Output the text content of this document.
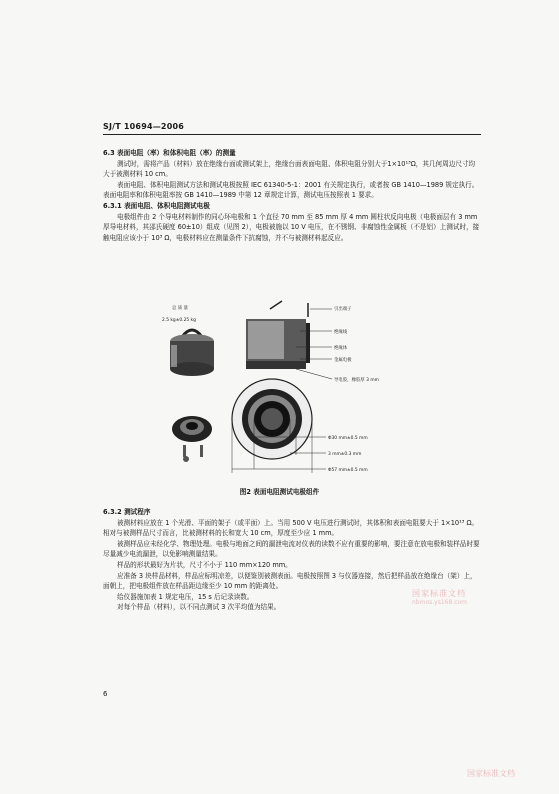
SJ/T 10694—2006

6.3 表面电阻（率）和体积电阻（率）的测量

测试时，需将产品（材料）放在绝缘台面或测试架上，绝缘台面表面电阻、体积电阻分别大于1×10¹³Ω，其几何周边尺寸均大于被测材料 10 cm。

表面电阻、体积电阻测试方法和测试电极按照 IEC 61340-5-1：2001 有关规定执行，或者按 GB 1410—1989 规定执行。表面电阻率和体积电阻率按 GB 1410—1989 中第 12 章规定计算，测试电压按照表 1 要求。

6.3.1 表面电阻、体积电阻测试电极

电极组件由 2 个导电材料制作的同心环电极和 1 个直径 70 mm 至 85 mm 厚 4 mm 圆柱状反向电极（电极面层有 3 mm 厚导电材料，其邵氏硬度 60±10）组成（见图 2），电极被施以 10 V 电压，在不锈钢、非腐蚀性金属板（不是铝）上测试时，接触电阻应该小于 10³ Ω，电极材料应在测量条件下抗腐蚀，并不与被测材料起反应。

总 质 量
2.5 kg±0.25 kg
引出端子
绝缘线
绝缘体
金属电极
导电胶，橡胶厚 3 mm
Φ30 mm±0.5 mm
3 mm±0.3 mm
Φ57 mm±0.5 mm
图2 表面电阻测试电极组件

6.3.2 测试程序

被测材料应放在 1 个光滑、平面的架子（或平面）上。当用 500 V 电压进行测试时，其体积和表面电阻要大于 1×10¹³ Ω。相对与被测样品尺寸而言，比被测材料的长和宽大 10 cm，厚度至少应 1 mm。

被测样品应未经化学、物理处理。电极与地面之间的漏泄电流对仪表的读数不应有重要的影响，要注意在放电极和装样品时要尽量减少电流漏泄，以免影响测量结果。

样品的形状最好为片状，尺寸不小于 110 mm×120 mm。

应准备 3 块样品材料，样品应标明凉差，以便鉴别被测表面。电极按照图 3 与仪器连接，然后把样品放在绝缘台（架）上，面朝上，把电极组件放在样品距边缘至少 10 mm 的距离处。

给仪器施加表 1 规定电压，15 s 后记录读数。

对每个样品（材料），以不同点测试 3 次平均值为结果。

国家标准文档
nbmos.ys168.com
6
国家标准文档
